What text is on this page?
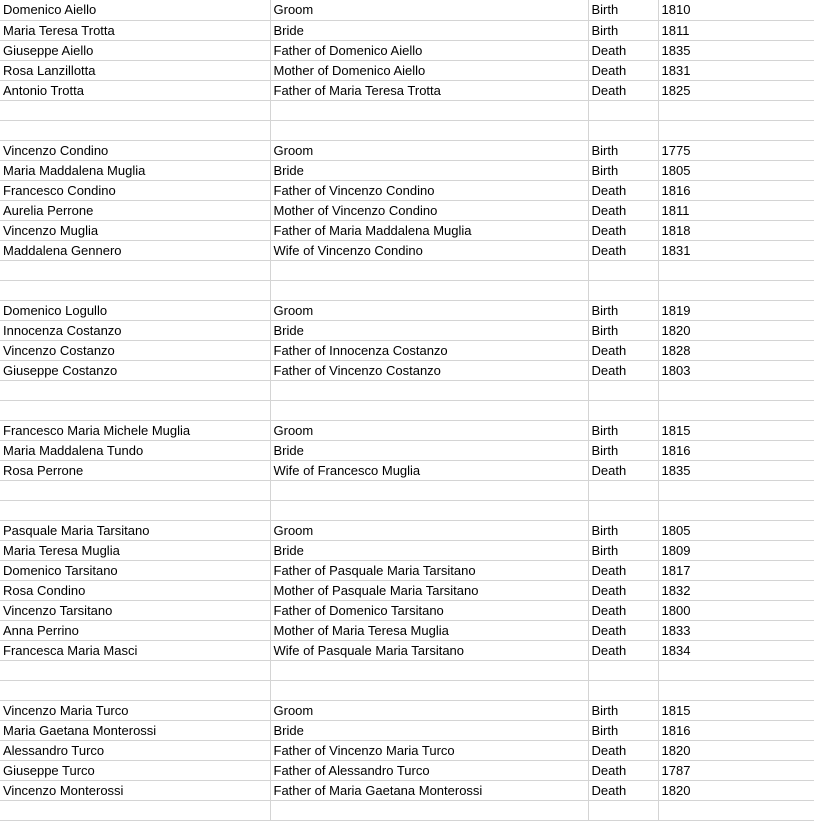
Domenico Aiello	Groom	Birth	1810
Maria Teresa Trotta	Bride	Birth	1811
Giuseppe Aiello	Father of Domenico Aiello	Death	1835
Rosa Lanzillotta	Mother of Domenico Aiello	Death	1831
Antonio Trotta	Father of Maria Teresa Trotta	Death	1825

Vincenzo Condino	Groom	Birth	1775
Maria Maddalena Muglia	Bride	Birth	1805
Francesco Condino	Father of Vincenzo Condino	Death	1816
Aurelia Perrone	Mother of Vincenzo Condino	Death	1811
Vincenzo Muglia	Father of Maria Maddalena Muglia	Death	1818
Maddalena Gennero	Wife of Vincenzo Condino	Death	1831

Domenico Logullo	Groom	Birth	1819
Innocenza Costanzo	Bride	Birth	1820
Vincenzo Costanzo	Father of Innocenza Costanzo	Death	1828
Giuseppe Costanzo	Father of Vincenzo Costanzo	Death	1803

Francesco Maria Michele Muglia	Groom	Birth	1815
Maria Maddalena Tundo	Bride	Birth	1816
Rosa Perrone	Wife of Francesco Muglia	Death	1835

Pasquale Maria Tarsitano	Groom	Birth	1805
Maria Teresa Muglia	Bride	Birth	1809
Domenico Tarsitano	Father of Pasquale Maria Tarsitano	Death	1817
Rosa Condino	Mother of Pasquale Maria Tarsitano	Death	1832
Vincenzo Tarsitano	Father of Domenico Tarsitano	Death	1800
Anna Perrino	Mother of Maria Teresa Muglia	Death	1833
Francesca Maria Masci	Wife of Pasquale Maria Tarsitano	Death	1834

Vincenzo Maria Turco	Groom	Birth	1815
Maria Gaetana Monterossi	Bride	Birth	1816
Alessandro Turco	Father of Vincenzo Maria Turco	Death	1820
Giuseppe Turco	Father of Alessandro Turco	Death	1787
Vincenzo Monterossi	Father of Maria Gaetana Monterossi	Death	1820
